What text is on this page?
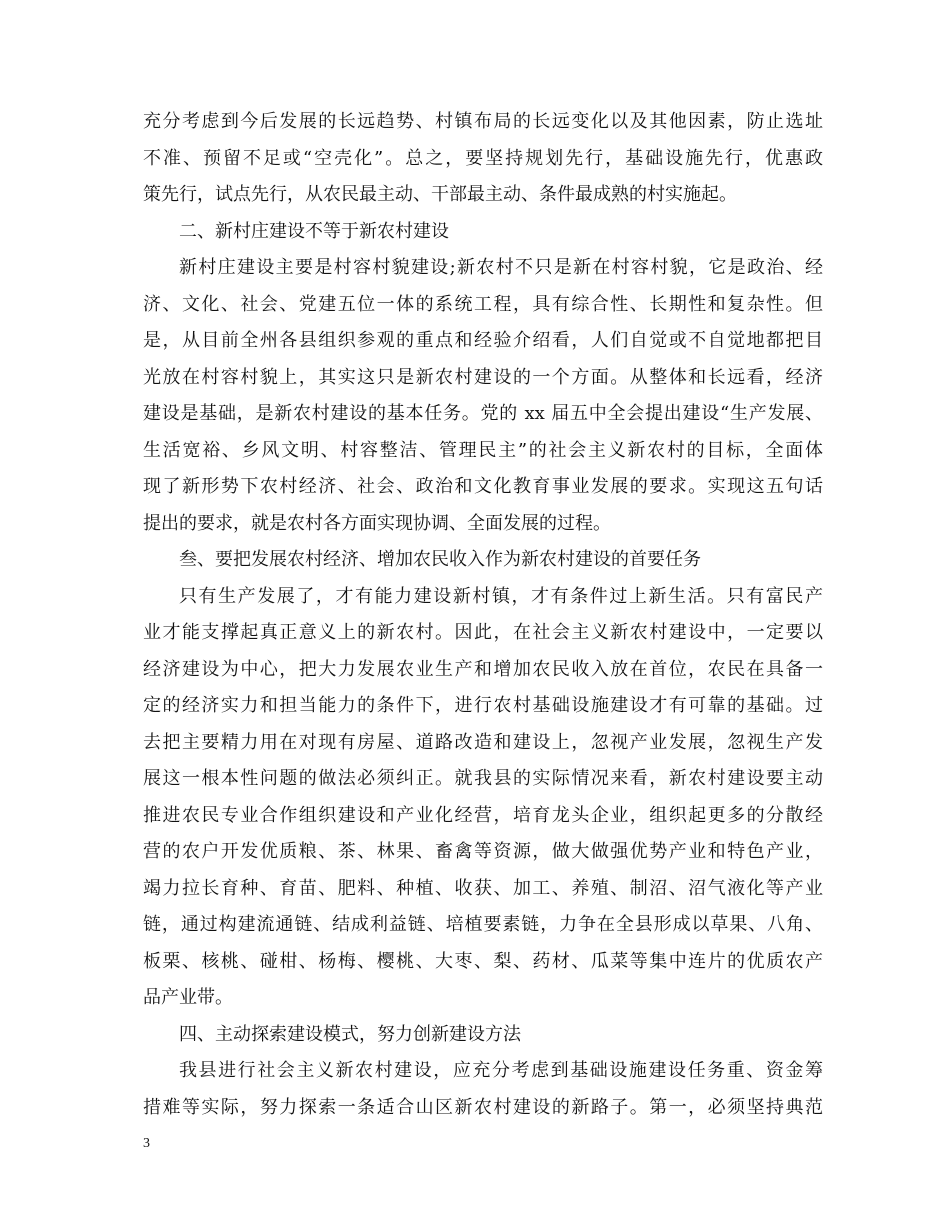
充分考虑到今后发展的长远趋势、村镇布局的长远变化以及其他因素，防止选址
不准、预留不足或“空壳化”。总之，要坚持规划先行，基础设施先行，优惠政
策先行，试点先行，从农民最主动、干部最主动、条件最成熟的村实施起。
二、新村庄建设不等于新农村建设
新村庄建设主要是村容村貌建设;新农村不只是新在村容村貌，它是政治、经
济、文化、社会、党建五位一体的系统工程，具有综合性、长期性和复杂性。但
是，从目前全州各县组织参观的重点和经验介绍看，人们自觉或不自觉地都把目
光放在村容村貌上，其实这只是新农村建设的一个方面。从整体和长远看，经济
建设是基础，是新农村建设的基本任务。党的 xx 届五中全会提出建设“生产发展、
生活宽裕、乡风文明、村容整洁、管理民主”的社会主义新农村的目标，全面体
现了新形势下农村经济、社会、政治和文化教育事业发展的要求。实现这五句话
提出的要求，就是农村各方面实现协调、全面发展的过程。
叁、要把发展农村经济、增加农民收入作为新农村建设的首要任务
只有生产发展了，才有能力建设新村镇，才有条件过上新生活。只有富民产
业才能支撑起真正意义上的新农村。因此，在社会主义新农村建设中，一定要以
经济建设为中心，把大力发展农业生产和增加农民收入放在首位，农民在具备一
定的经济实力和担当能力的条件下，进行农村基础设施建设才有可靠的基础。过
去把主要精力用在对现有房屋、道路改造和建设上，忽视产业发展，忽视生产发
展这一根本性问题的做法必须纠正。就我县的实际情况来看，新农村建设要主动
推进农民专业合作组织建设和产业化经营，培育龙头企业，组织起更多的分散经
营的农户开发优质粮、茶、林果、畜禽等资源，做大做强优势产业和特色产业，
竭力拉长育种、育苗、肥料、种植、收获、加工、养殖、制沼、沼气液化等产业
链，通过构建流通链、结成利益链、培植要素链，力争在全县形成以草果、八角、
板栗、核桃、碰柑、杨梅、樱桃、大枣、梨、药材、瓜菜等集中连片的优质农产
品产业带。
四、主动探索建设模式，努力创新建设方法
我县进行社会主义新农村建设，应充分考虑到基础设施建设任务重、资金筹
措难等实际，努力探索一条适合山区新农村建设的新路子。第一，必须坚持典范
3
